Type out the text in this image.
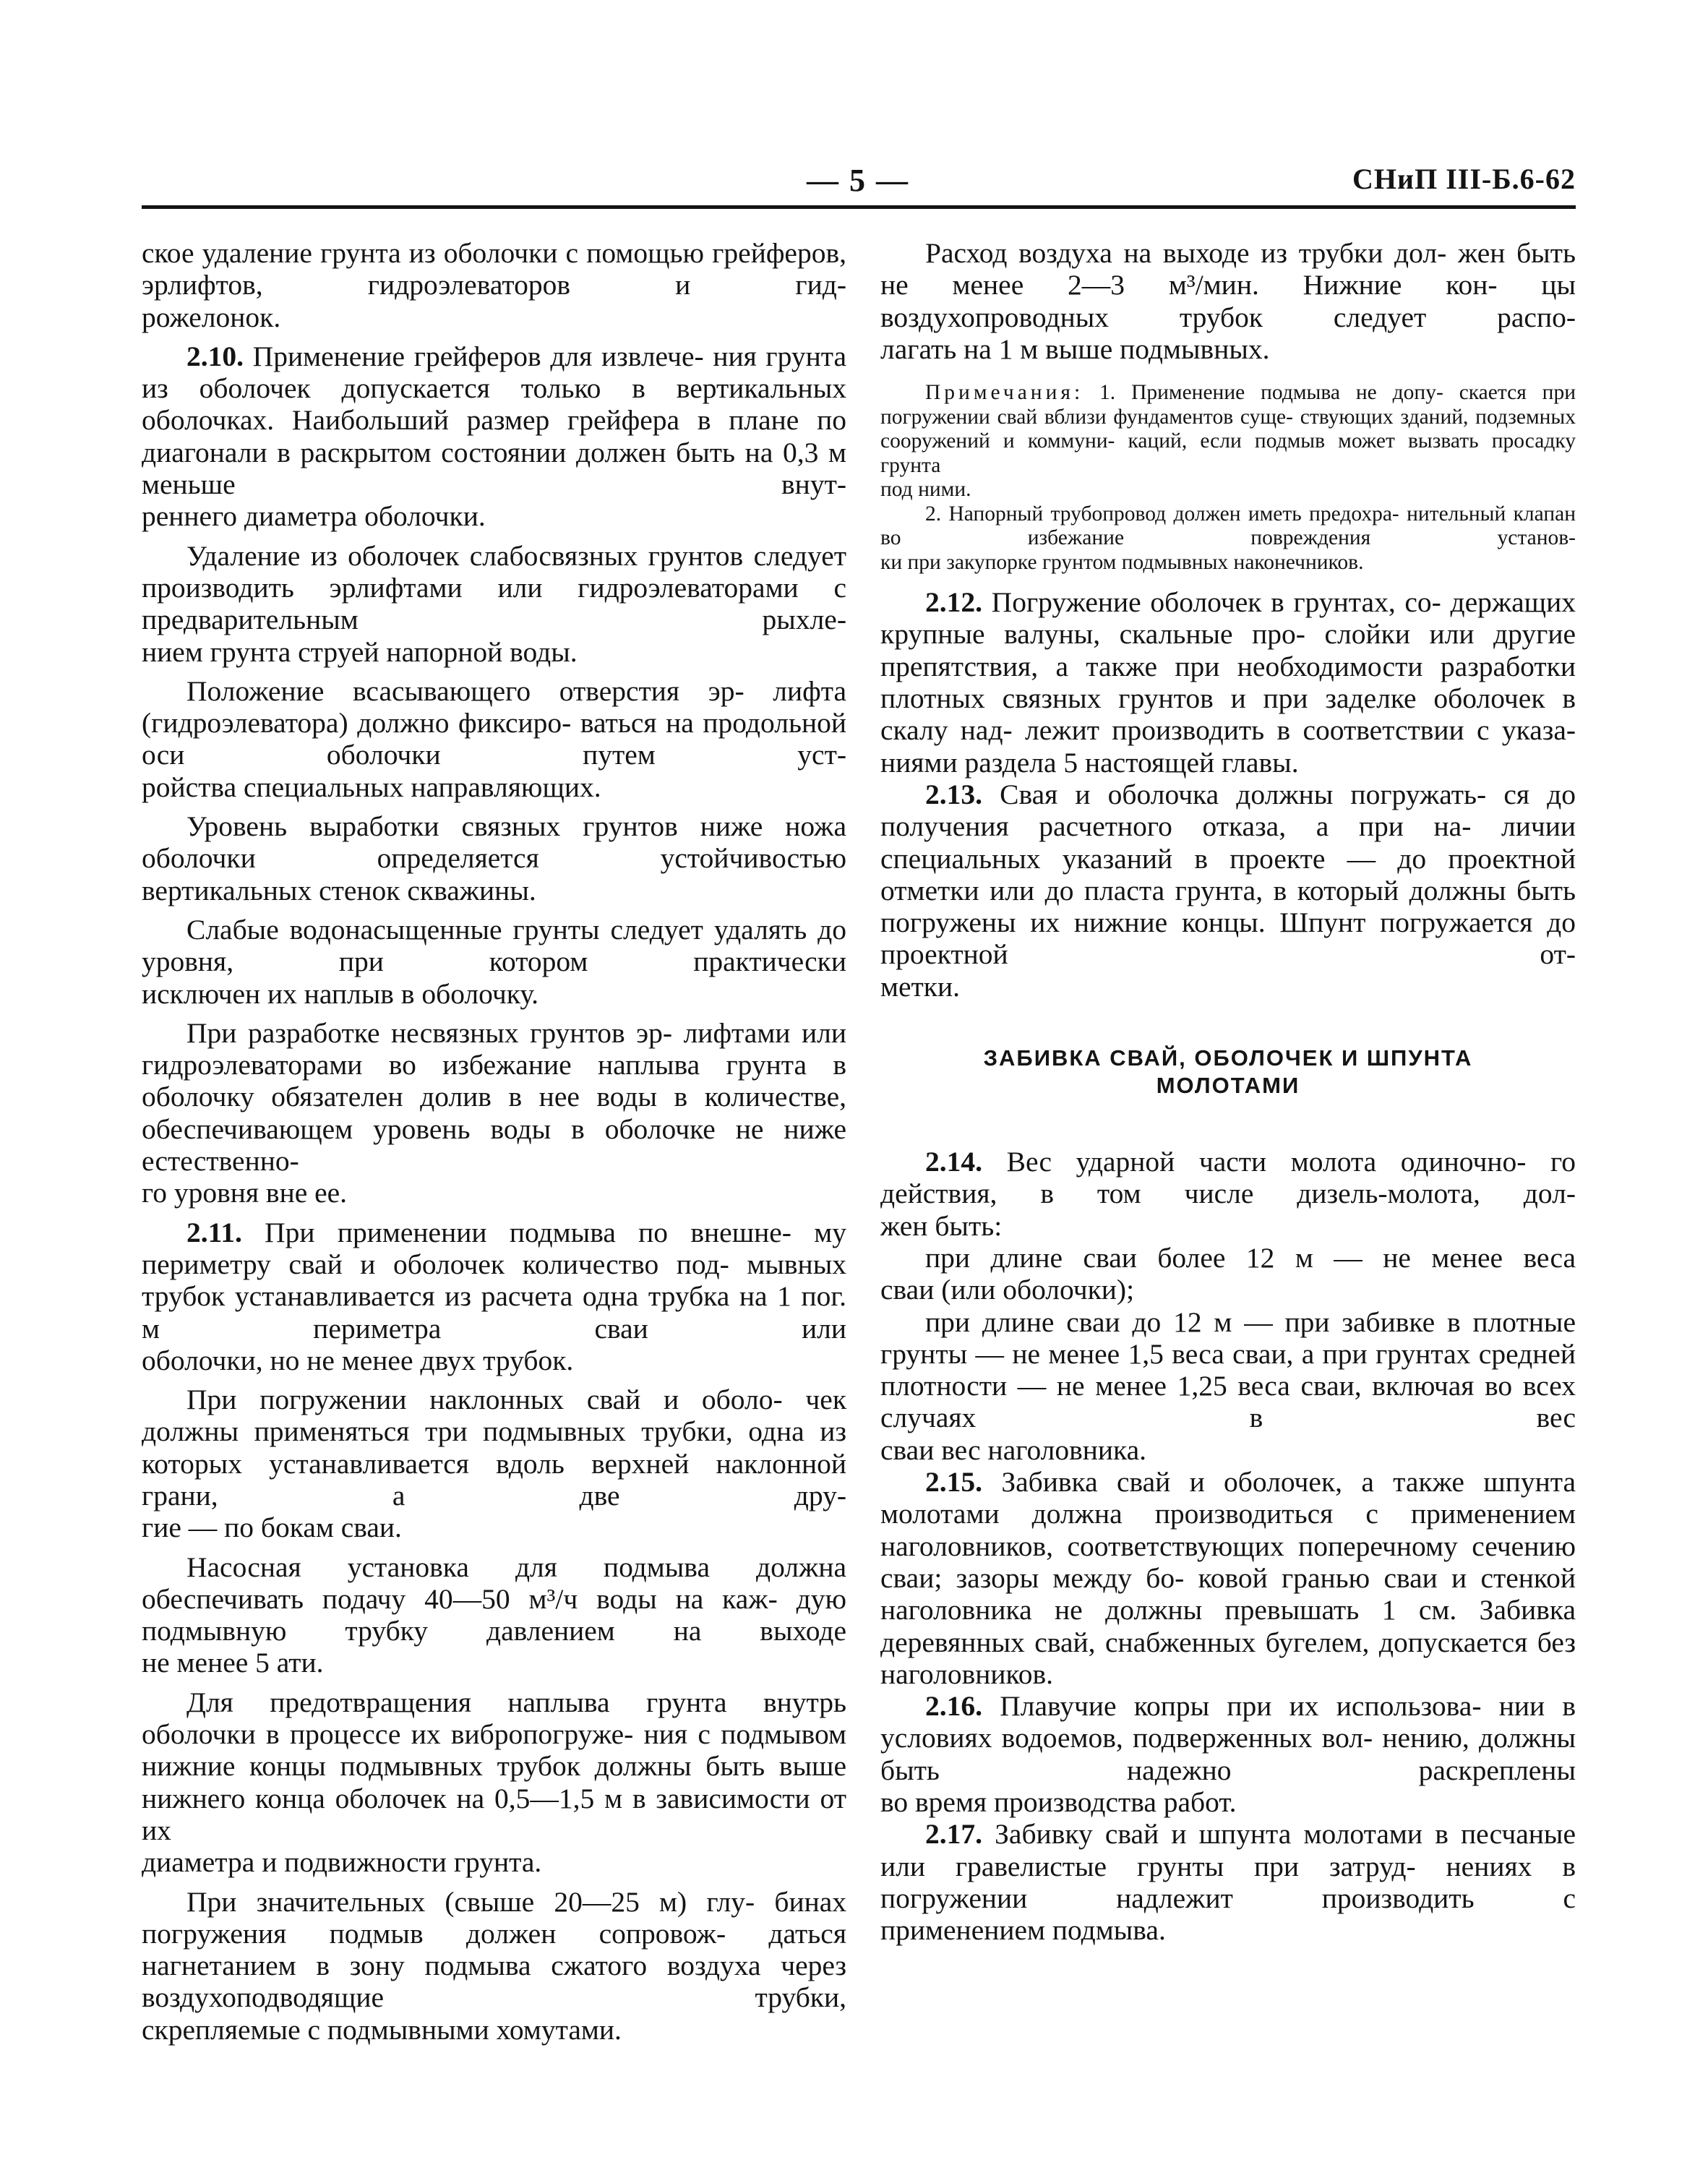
— 5 —	СНиП III-Б.6-62
ское удаление грунта из оболочки с помощью грейферов, эрлифтов, гидроэлеваторов и гид-
рожелонок.
2.10. Применение грейферов для извлече- ния грунта из оболочек допускается только в вертикальных оболочках. Наибольший размер грейфера в плане по диагонали в раскрытом состоянии должен быть на 0,3 м меньше внут-
реннего диаметра оболочки.
Удаление из оболочек слабосвязных грунтов следует производить эрлифтами или гидроэлеваторами с предварительным рыхле-
нием грунта струей напорной воды.
Положение всасывающего отверстия эр- лифта (гидроэлеватора) должно фиксиро- ваться на продольной оси оболочки путем уст-
ройства специальных направляющих.
Уровень выработки связных грунтов ниже ножа оболочки определяется устойчивостью
вертикальных стенок скважины.
Слабые водонасыщенные грунты следует удалять до уровня, при котором практически
исключен их наплыв в оболочку.
При разработке несвязных грунтов эр- лифтами или гидроэлеваторами во избежание наплыва грунта в оболочку обязателен долив в нее воды в количестве, обеспечивающем уровень воды в оболочке не ниже естественно-
го уровня вне ее.
2.11. При применении подмыва по внешне- му периметру свай и оболочек количество под- мывных трубок устанавливается из расчета одна трубка на 1 пог. м периметра сваи или
оболочки, но не менее двух трубок.
При погружении наклонных свай и оболо- чек должны применяться три подмывных трубки, одна из которых устанавливается вдоль верхней наклонной грани, а две дру-
гие — по бокам сваи.
Насосная установка для подмыва должна обеспечивать подачу 40—50 м³/ч воды на каж- дую подмывную трубку давлением на выходе
не менее 5 ати.
Для предотвращения наплыва грунта внутрь оболочки в процессе их вибропогруже- ния с подмывом нижние концы подмывных трубок должны быть выше нижнего конца оболочек на 0,5—1,5 м в зависимости от их
диаметра и подвижности грунта.
При значительных (свыше 20—25 м) глу- бинах погружения подмыв должен сопровож- даться нагнетанием в зону подмыва сжатого воздуха через воздухоподводящие трубки,
скрепляемые с подмывными хомутами.
Расход воздуха на выходе из трубки дол- жен быть не менее 2—3 м³/мин. Нижние кон- цы воздухопроводных трубок следует распо-
лагать на 1 м выше подмывных.
Примечания: 1. Применение подмыва не допу- скается при погружении свай вблизи фундаментов суще- ствующих зданий, подземных сооружений и коммуни- каций, если подмыв может вызвать просадку грунта
под ними.
2. Напорный трубопровод должен иметь предохра- нительный клапан во избежание повреждения установ-
ки при закупорке грунтом подмывных наконечников.
2.12. Погружение оболочек в грунтах, со- держащих крупные валуны, скальные про- слойки или другие препятствия, а также при необходимости разработки плотных связных грунтов и при заделке оболочек в скалу над- лежит производить в соответствии с указа-
ниями раздела 5 настоящей главы.
2.13. Свая и оболочка должны погружать- ся до получения расчетного отказа, а при на- личии специальных указаний в проекте — до проектной отметки или до пласта грунта, в который должны быть погружены их нижние концы. Шпунт погружается до проектной от-
метки.
ЗАБИВКА СВАЙ, ОБОЛОЧЕК И ШПУНТА
МОЛОТАМИ
2.14. Вес ударной части молота одиночно- го действия, в том числе дизель-молота, дол-
жен быть:
при длине сваи более 12 м — не менее веса
сваи (или оболочки);
при длине сваи до 12 м — при забивке в плотные грунты — не менее 1,5 веса сваи, а при грунтах средней плотности — не менее 1,25 веса сваи, включая во всех случаях в вес
сваи вес наголовника.
2.15. Забивка свай и оболочек, а также шпунта молотами должна производиться с применением наголовников, соответствующих поперечному сечению сваи; зазоры между бо- ковой гранью сваи и стенкой наголовника не должны превышать 1 см. Забивка деревянных свай, снабженных бугелем, допускается без
наголовников.
2.16. Плавучие копры при их использова- нии в условиях водоемов, подверженных вол- нению, должны быть надежно раскреплены
во время производства работ.
2.17. Забивку свай и шпунта молотами в песчаные или гравелистые грунты при затруд- нениях в погружении надлежит производить с
применением подмыва.
